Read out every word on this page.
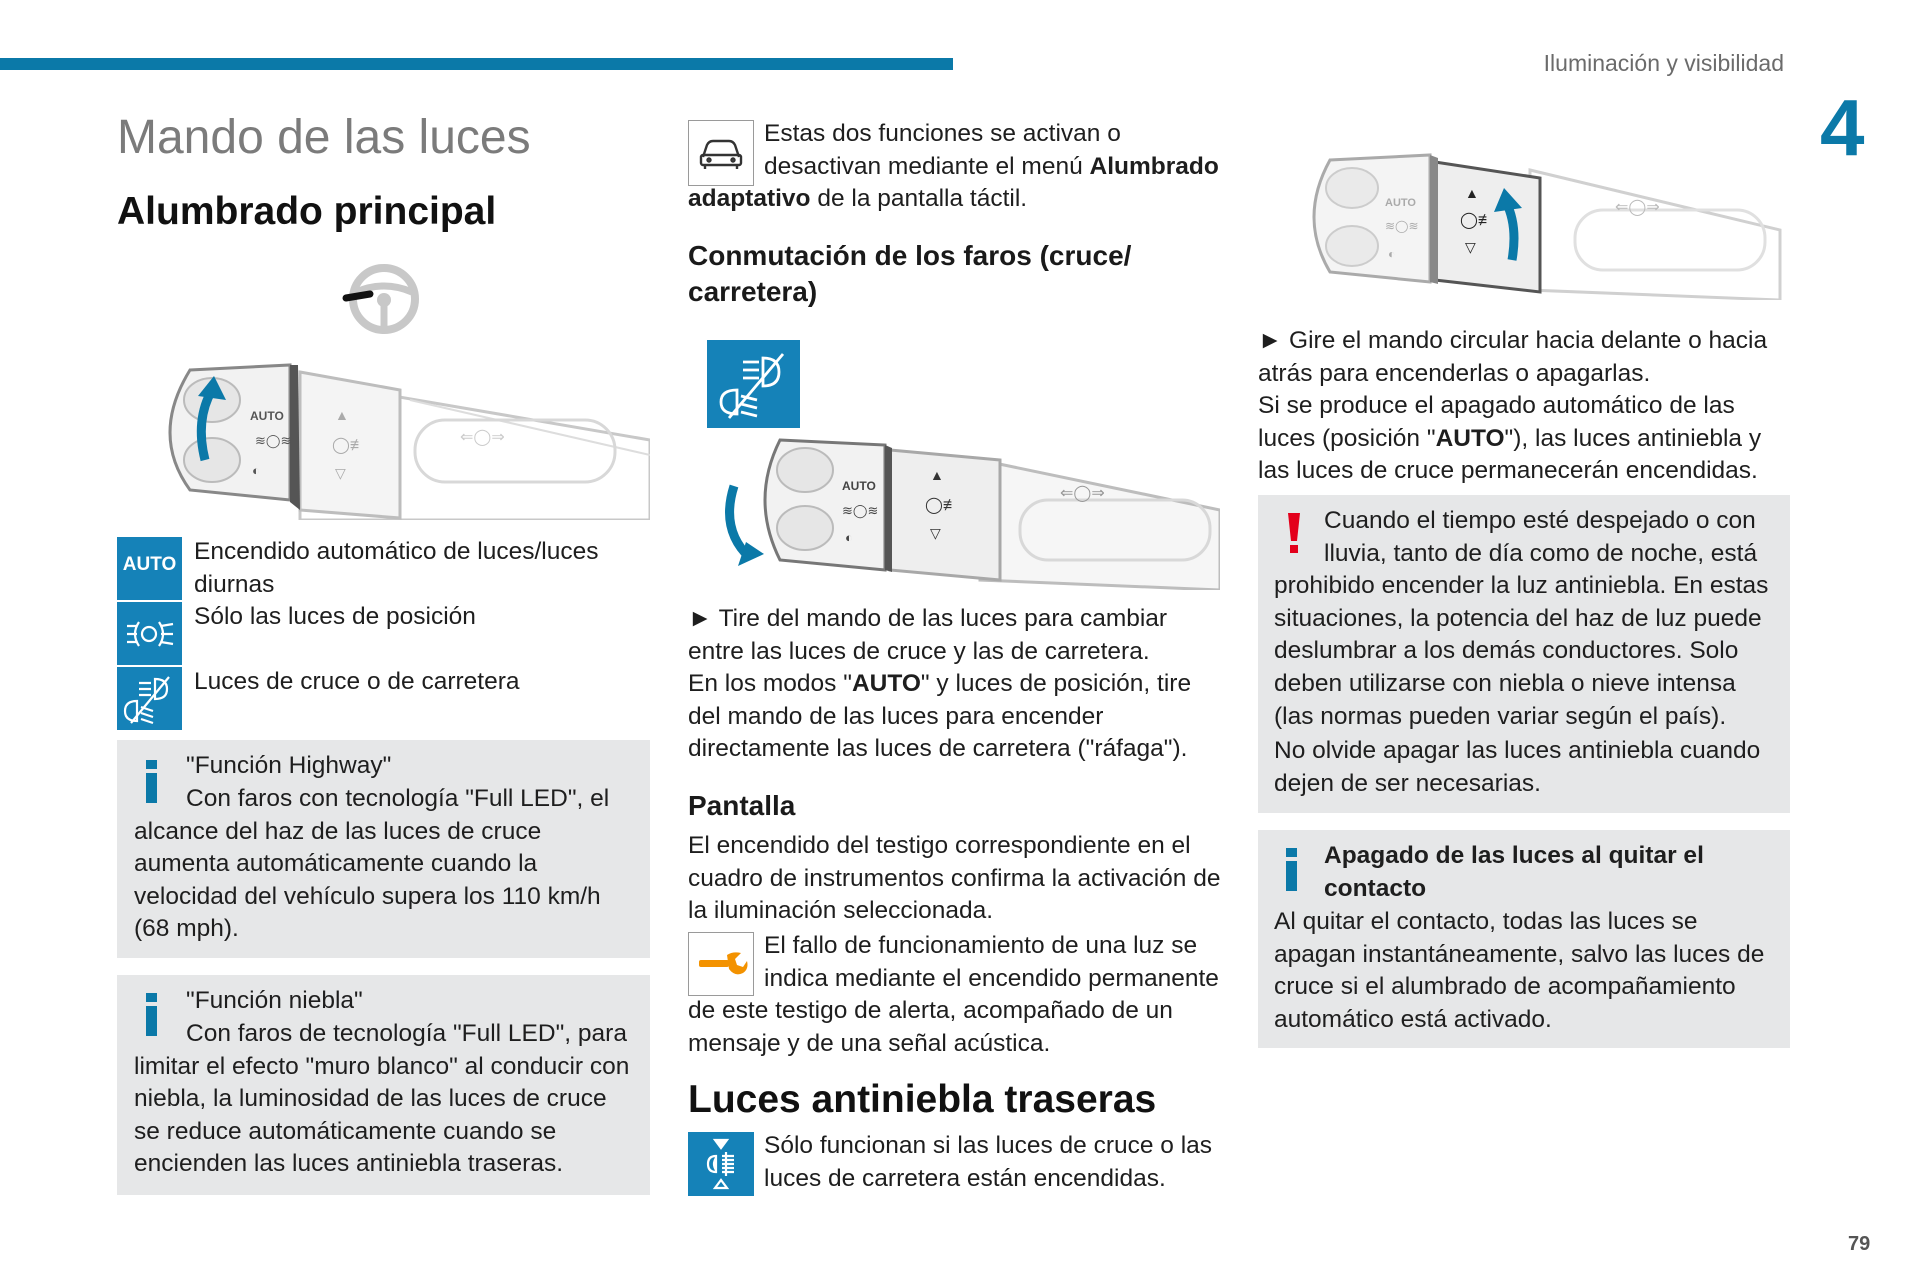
Iluminación y visibilidad
4
Mando de las luces
Alumbrado principal
AUTO
≋◯≋
◐
▲
◯≢
▽
⇐◯⇒
AUTO Encendido automático de luces/luces diurnas
Sólo las luces de posición
Luces de cruce o de carretera
"Función Highway"
Con faros con tecnología "Full LED", el alcance del haz de las luces de cruce aumenta automáticamente cuando la velocidad del vehículo supera los 110 km/h (68 mph).
"Función niebla"
Con faros de tecnología "Full LED", para limitar el efecto "muro blanco" al conducir con niebla, la luminosidad de las luces de cruce se reduce automáticamente cuando se encienden las luces antiniebla traseras.
Estas dos funciones se activan o desactivan mediante el menú Alumbrado adaptativo de la pantalla táctil.
Conmutación de los faros (cruce/ carretera)
AUTO
≋◯≋
◐
▲
◯≢
▽
⇐◯⇒
► Tire del mando de las luces para cambiar entre las luces de cruce y las de carretera.
En los modos "AUTO" y luces de posición, tire del mando de las luces para encender directamente las luces de carretera ("ráfaga").
Pantalla
El encendido del testigo correspondiente en el cuadro de instrumentos confirma la activación de la iluminación seleccionada.
El fallo de funcionamiento de una luz se indica mediante el encendido permanente de este testigo de alerta, acompañado de un mensaje y de una señal acústica.
Luces antiniebla traseras
Sólo funcionan si las luces de cruce o las luces de carretera están encendidas.
AUTO
≋◯≋
◐
▲
◯≢
▽
⇐◯⇒
► Gire el mando circular hacia delante o hacia atrás para encenderlas o apagarlas.
Si se produce el apagado automático de las luces (posición "AUTO"), las luces antiniebla y las luces de cruce permanecerán encendidas.
Cuando el tiempo esté despejado o con lluvia, tanto de día como de noche, está prohibido encender la luz antiniebla. En estas situaciones, la potencia del haz de luz puede deslumbrar a los demás conductores. Solo deben utilizarse con niebla o nieve intensa (las normas pueden variar según el país).
No olvide apagar las luces antiniebla cuando dejen de ser necesarias.
Apagado de las luces al quitar el contacto
Al quitar el contacto, todas las luces se apagan instantáneamente, salvo las luces de cruce si el alumbrado de acompañamiento automático está activado.
79
